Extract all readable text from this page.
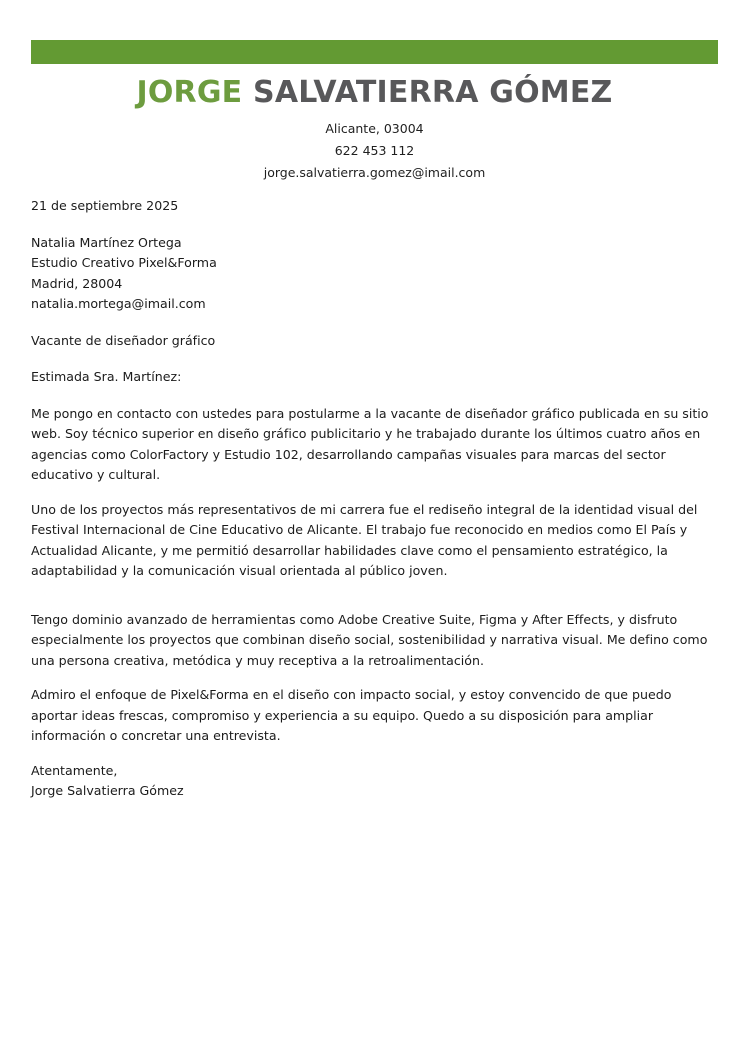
JORGE SALVATIERRA GÓMEZ
Alicante, 03004
622 453 112
jorge.salvatierra.gomez@imail.com
21 de septiembre 2025
Natalia Martínez Ortega
Estudio Creativo Pixel&Forma
Madrid, 28004
natalia.mortega@imail.com
Vacante de diseñador gráfico
Estimada Sra. Martínez:

Me pongo en contacto con ustedes para postularme a la vacante de diseñador gráfico publicada en su sitio web. Soy técnico superior en diseño gráfico publicitario y he trabajado durante los últimos cuatro años en agencias como ColorFactory y Estudio 102, desarrollando campañas visuales para marcas del sector educativo y cultural.

Uno de los proyectos más representativos de mi carrera fue el rediseño integral de la identidad visual del Festival Internacional de Cine Educativo de Alicante. El trabajo fue reconocido en medios como El País y Actualidad Alicante, y me permitió desarrollar habilidades clave como el pensamiento estratégico, la adaptabilidad y la comunicación visual orientada al público joven.

Tengo dominio avanzado de herramientas como Adobe Creative Suite, Figma y After Effects, y disfruto especialmente los proyectos que combinan diseño social, sostenibilidad y narrativa visual. Me defino como una persona creativa, metódica y muy receptiva a la retroalimentación.

Admiro el enfoque de Pixel&Forma en el diseño con impacto social, y estoy convencido de que puedo aportar ideas frescas, compromiso y experiencia a su equipo. Quedo a su disposición para ampliar información o concretar una entrevista.

Atentamente,
Jorge Salvatierra Gómez
